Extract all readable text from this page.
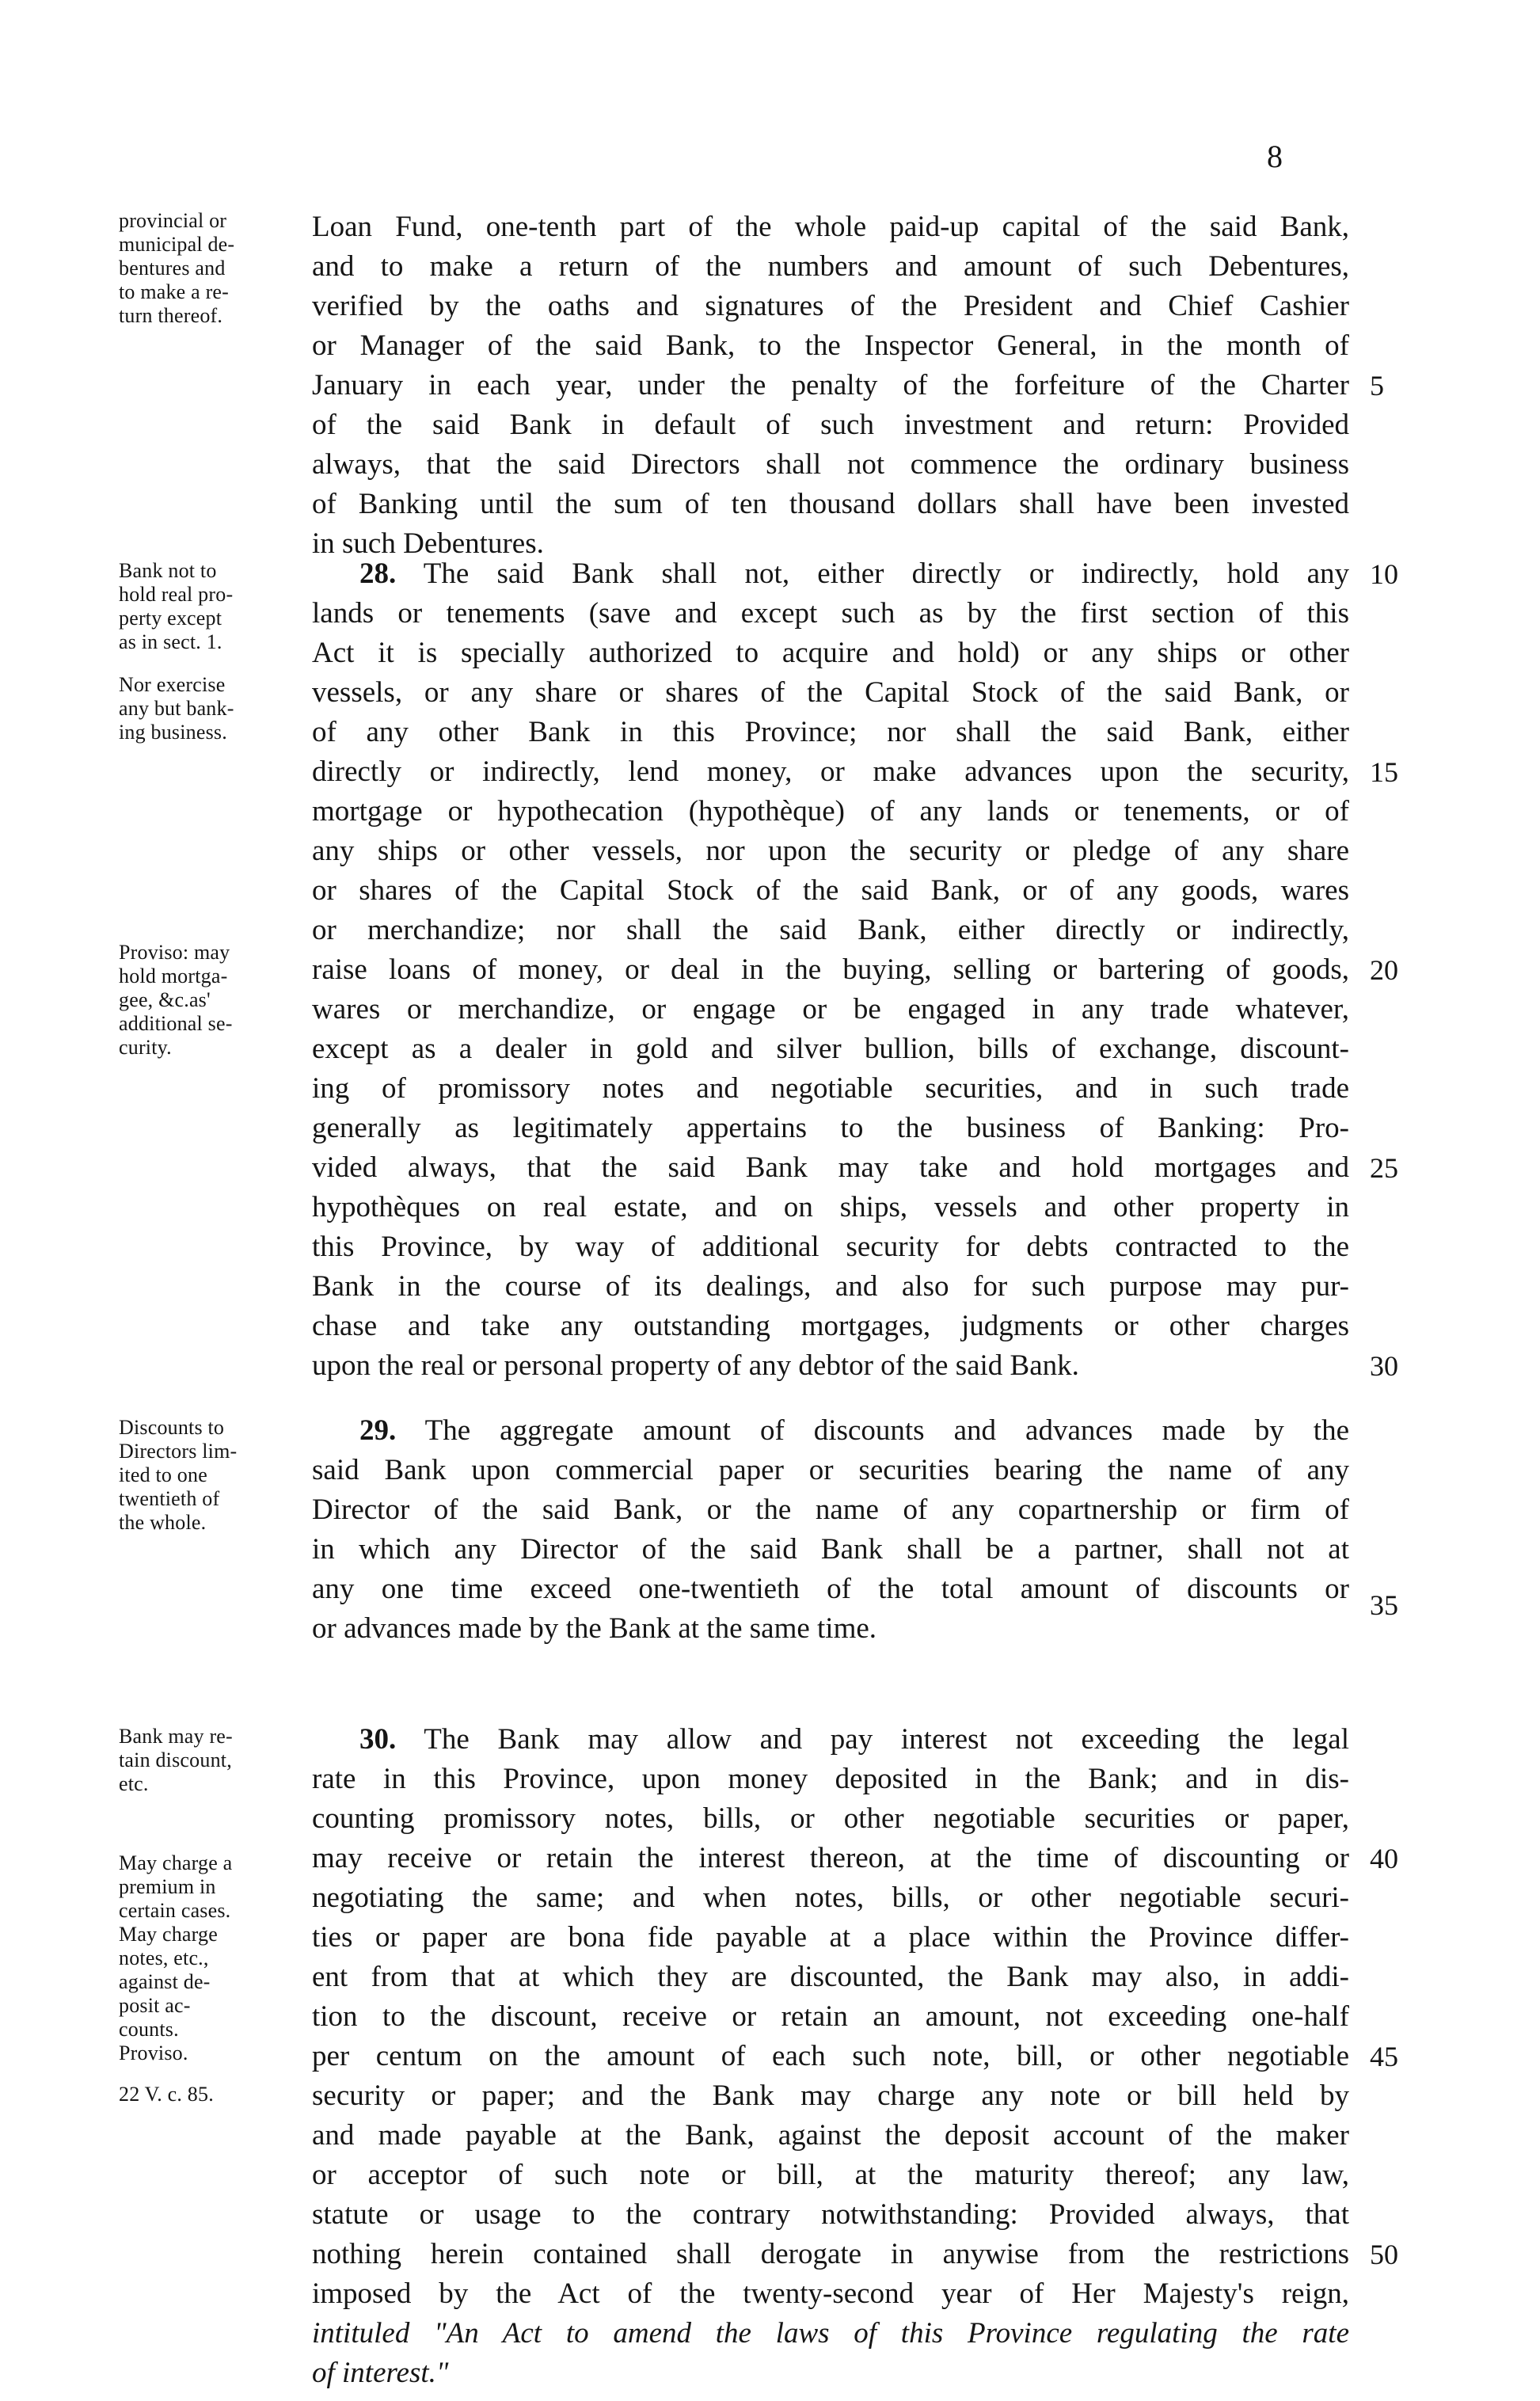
8
provincial or
municipal de-
bentures and
to make a re-
turn thereof.
Loan Fund, one-tenth part of the whole paid-up capital of the said Bank,
and to make a return of the numbers and amount of such Debentures,
verified by the oaths and signatures of the President and Chief Cashier
or Manager of the said Bank, to the Inspector General, in the month of
January in each year, under the penalty of the forfeiture of the Charter
of the said Bank in default of such investment and return: Provided
always, that the said Directors shall not commence the ordinary business
of Banking until the sum of ten thousand dollars shall have been invested
in such Debentures.
5
Bank not to
hold real pro-
perty except
as in sect. 1.
Nor exercise
any but bank-
ing business.
Proviso: may
hold mortga-
gee, &c.as'
additional se-
curity.
28. The said Bank shall not, either directly or indirectly, hold any
lands or tenements (save and except such as by the first section of this
Act it is specially authorized to acquire and hold) or any ships or other
vessels, or any share or shares of the Capital Stock of the said Bank, or
of any other Bank in this Province; nor shall the said Bank, either
directly or indirectly, lend money, or make advances upon the security,
mortgage or hypothecation (hypothèque) of any lands or tenements, or of
any ships or other vessels, nor upon the security or pledge of any share
or shares of the Capital Stock of the said Bank, or of any goods, wares
or merchandize; nor shall the said Bank, either directly or indirectly,
raise loans of money, or deal in the buying, selling or bartering of goods,
wares or merchandize, or engage or be engaged in any trade whatever,
except as a dealer in gold and silver bullion, bills of exchange, discount-
ing of promissory notes and negotiable securities, and in such trade
generally as legitimately appertains to the business of Banking: Pro-
vided always, that the said Bank may take and hold mortgages and
hypothèques on real estate, and on ships, vessels and other property in
this Province, by way of additional security for debts contracted to the
Bank in the course of its dealings, and also for such purpose may pur-
chase and take any outstanding mortgages, judgments or other charges
upon the real or personal property of any debtor of the said Bank.
10
15
20
25
30
Discounts to
Directors lim-
ited to one
twentieth of
the whole.
29. The aggregate amount of discounts and advances made by the
said Bank upon commercial paper or securities bearing the name of any
Director of the said Bank, or the name of any copartnership or firm of
in which any Director of the said Bank shall be a partner, shall not at
any one time exceed one-twentieth of the total amount of discounts or
or advances made by the Bank at the same time.
35
Bank may re-
tain discount,
etc.
May charge a
premium in
certain cases.
May charge
notes, etc.,
against de-
posit ac-
counts.
Proviso.
22 V. c. 85.
30. The Bank may allow and pay interest not exceeding the legal
rate in this Province, upon money deposited in the Bank; and in dis-
counting promissory notes, bills, or other negotiable securities or paper,
may receive or retain the interest thereon, at the time of discounting or
negotiating the same; and when notes, bills, or other negotiable securi-
ties or paper are bona fide payable at a place within the Province differ-
ent from that at which they are discounted, the Bank may also, in addi-
tion to the discount, receive or retain an amount, not exceeding one-half
per centum on the amount of each such note, bill, or other negotiable
security or paper; and the Bank may charge any note or bill held by
and made payable at the Bank, against the deposit account of the maker
or acceptor of such note or bill, at the maturity thereof; any law,
statute or usage to the contrary notwithstanding: Provided always, that
nothing herein contained shall derogate in anywise from the restrictions
imposed by the Act of the twenty-second year of Her Majesty's reign,
intituled "An Act to amend the laws of this Province regulating the rate
of interest."
40
45
50
